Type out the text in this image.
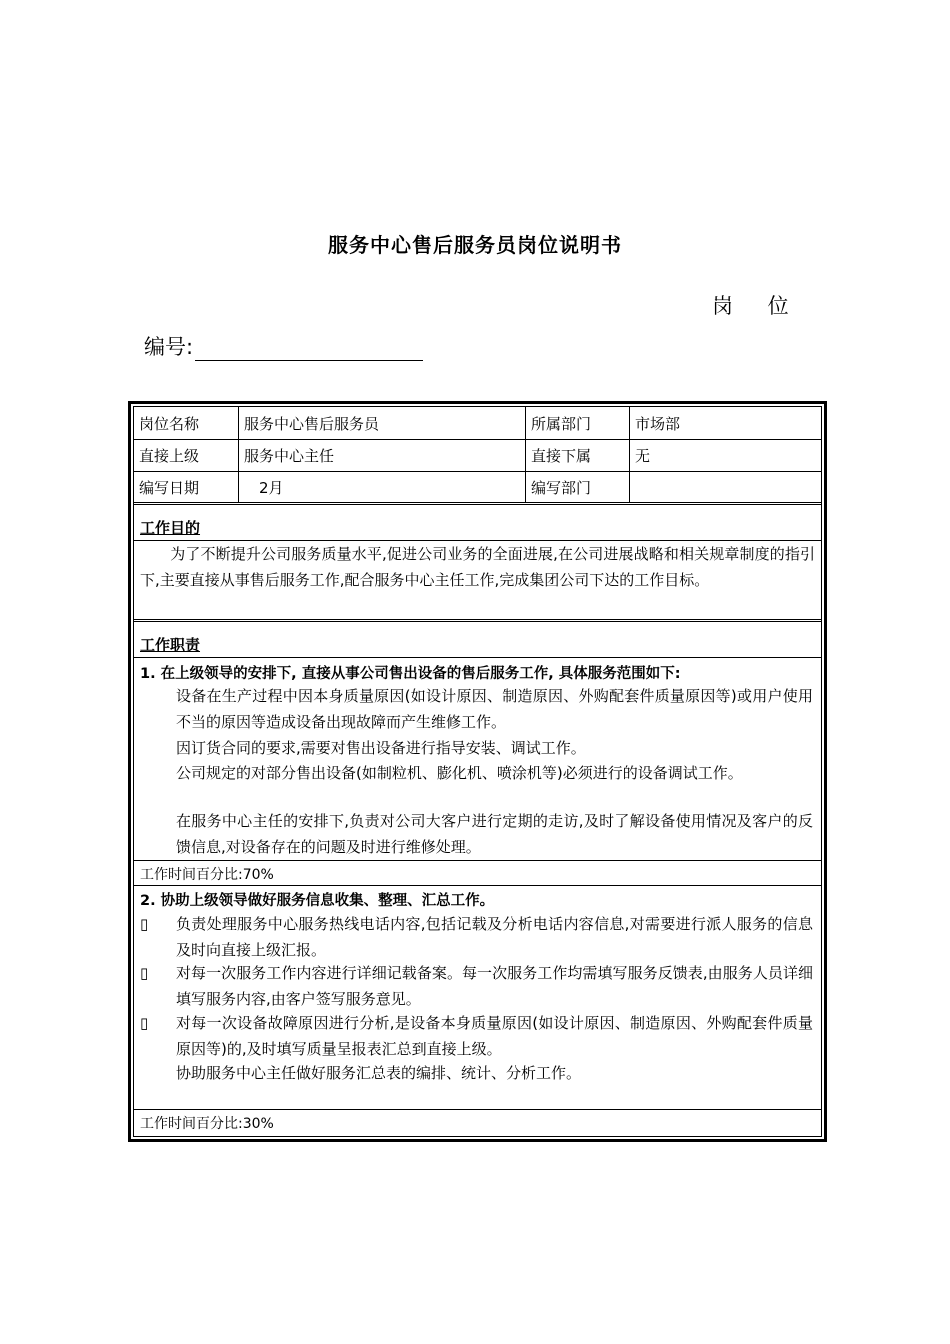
服务中心售后服务员岗位说明书
岗 位
编号:
岗位名称	服务中心售后服务员	所属部门	市场部
直接上级	服务中心主任	直接下属	无
编写日期	　2月	编写部门
工作目的
　　为了不断提升公司服务质量水平,促进公司业务的全面进展,在公司进展战略和相关规章制度的指引下,主要直接从事售后服务工作,配合服务中心主任工作,完成集团公司下达的工作目标。
工作职责
1. 在上级领导的安排下, 直接从事公司售出设备的售后服务工作, 具体服务范围如下:
设备在生产过程中因本身质量原因(如设计原因、制造原因、外购配套件质量原因等)或用户使用不当的原因等造成设备出现故障而产生维修工作。
因订货合同的要求,需要对售出设备进行指导安装、调试工作。
公司规定的对部分售出设备(如制粒机、膨化机、喷涂机等)必须进行的设备调试工作。
在服务中心主任的安排下,负责对公司大客户进行定期的走访,及时了解设备使用情况及客户的反馈信息,对设备存在的问题及时进行维修处理。
工作时间百分比:70%
2. 协助上级领导做好服务信息收集、整理、汇总工作。
▯	负责处理服务中心服务热线电话内容,包括记载及分析电话内容信息,对需要进行派人服务的信息及时向直接上级汇报。
▯	对每一次服务工作内容进行详细记载备案。每一次服务工作均需填写服务反馈表,由服务人员详细填写服务内容,由客户签写服务意见。
▯	对每一次设备故障原因进行分析,是设备本身质量原因(如设计原因、制造原因、外购配套件质量原因等)的,及时填写质量呈报表汇总到直接上级。
协助服务中心主任做好服务汇总表的编排、统计、分析工作。
工作时间百分比:30%
